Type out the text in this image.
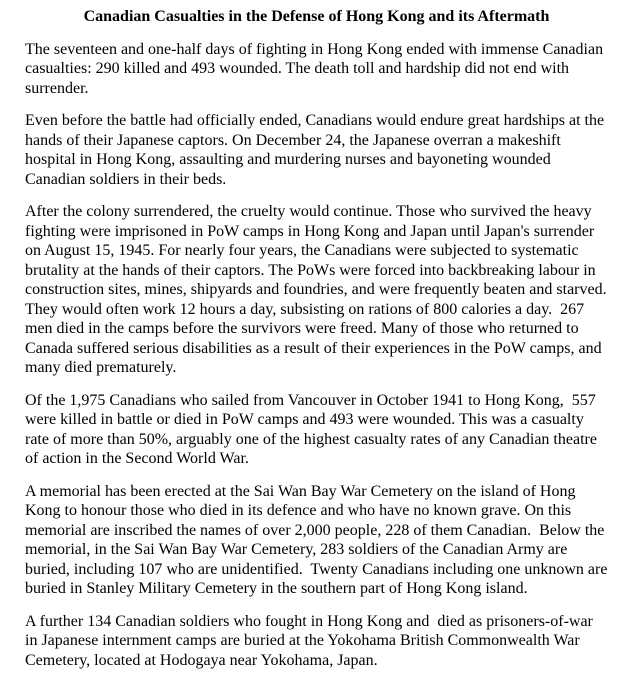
Canadian Casualties in the Defense of Hong Kong and its Aftermath

The seventeen and one-half days of fighting in Hong Kong ended with immense Canadian casualties: 290 killed and 493 wounded. The death toll and hardship did not end with surrender.

Even before the battle had officially ended, Canadians would endure great hardships at the hands of their Japanese captors. On December 24, the Japanese overran a makeshift hospital in Hong Kong, assaulting and murdering nurses and bayoneting wounded Canadian soldiers in their beds.

After the colony surrendered, the cruelty would continue. Those who survived the heavy fighting were imprisoned in PoW camps in Hong Kong and Japan until Japan's surrender on August 15, 1945. For nearly four years, the Canadians were subjected to systematic brutality at the hands of their captors. The PoWs were forced into backbreaking labour in construction sites, mines, shipyards and foundries, and were frequently beaten and starved.  They would often work 12 hours a day, subsisting on rations of 800 calories a day.  267 men died in the camps before the survivors were freed. Many of those who returned to Canada suffered serious disabilities as a result of their experiences in the PoW camps, and many died prematurely.

Of the 1,975 Canadians who sailed from Vancouver in October 1941 to Hong Kong,  557 were killed in battle or died in PoW camps and 493 were wounded. This was a casualty rate of more than 50%, arguably one of the highest casualty rates of any Canadian theatre of action in the Second World War.

A memorial has been erected at the Sai Wan Bay War Cemetery on the island of Hong Kong to honour those who died in its defence and who have no known grave. On this memorial are inscribed the names of over 2,000 people, 228 of them Canadian.  Below the memorial, in the Sai Wan Bay War Cemetery, 283 soldiers of the Canadian Army are buried, including 107 who are unidentified.  Twenty Canadians including one unknown are buried in Stanley Military Cemetery in the southern part of Hong Kong island.

A further 134 Canadian soldiers who fought in Hong Kong and  died as prisoners-of-war in Japanese internment camps are buried at the Yokohama British Commonwealth War Cemetery, located at Hodogaya near Yokohama, Japan.
